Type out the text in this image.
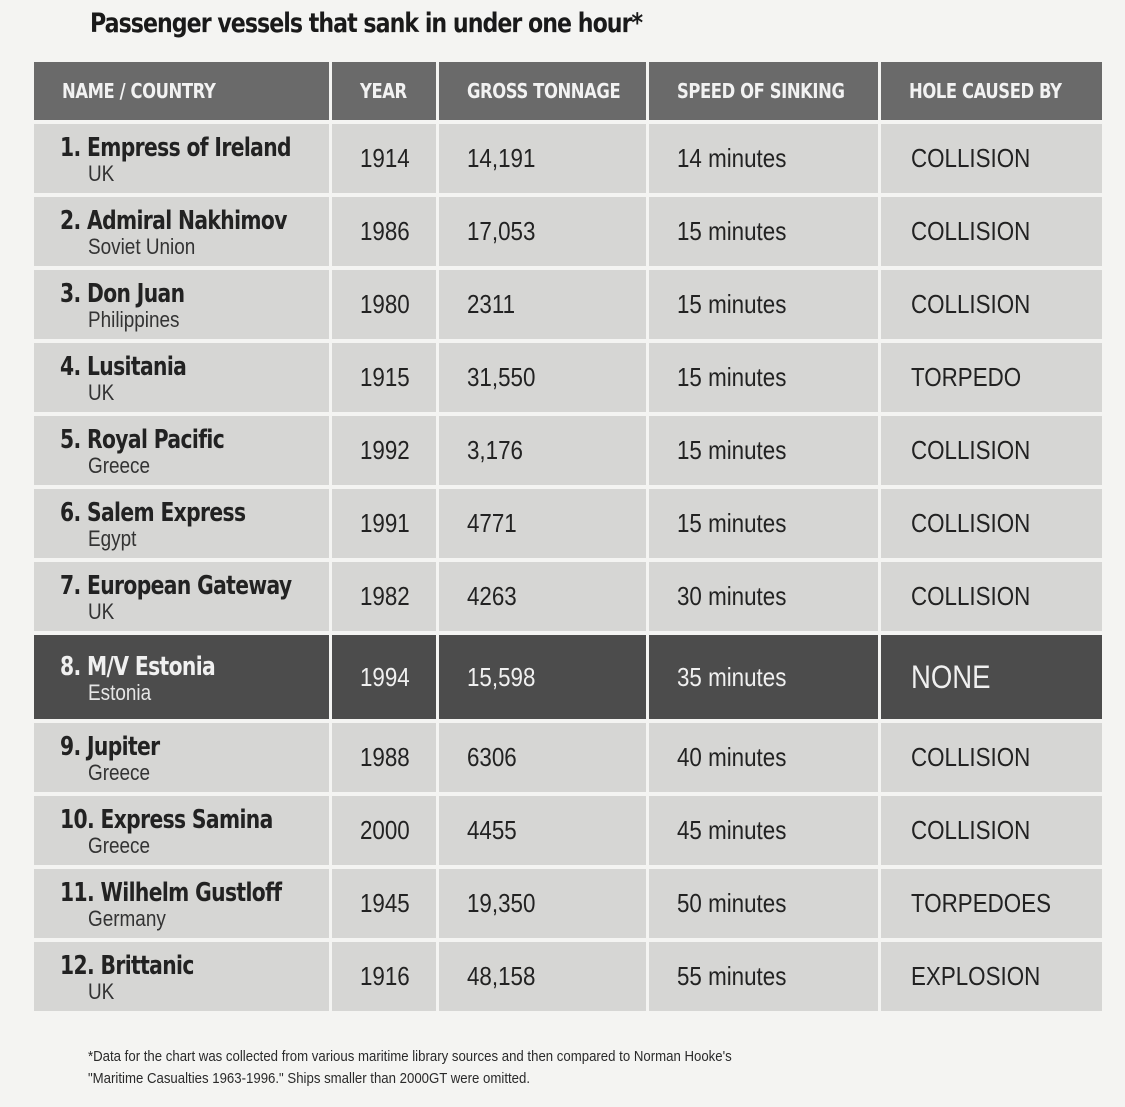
Passenger vessels that sank in under one hour*
NAME / COUNTRY	YEAR	GROSS TONNAGE	SPEED OF SINKING	HOLE CAUSED BY
1. Empress of Ireland
UK	1914	14,191	14 minutes	COLLISION
2. Admiral Nakhimov
Soviet Union	1986	17,053	15 minutes	COLLISION
3. Don Juan
Philippines	1980	2311	15 minutes	COLLISION
4. Lusitania
UK	1915	31,550	15 minutes	TORPEDO
5. Royal Pacific
Greece	1992	3,176	15 minutes	COLLISION
6. Salem Express
Egypt	1991	4771	15 minutes	COLLISION
7. European Gateway
UK	1982	4263	30 minutes	COLLISION
8. M/V Estonia
Estonia	1994	15,598	35 minutes	NONE
9. Jupiter
Greece	1988	6306	40 minutes	COLLISION
10. Express Samina
Greece	2000	4455	45 minutes	COLLISION
11. Wilhelm Gustloff
Germany	1945	19,350	50 minutes	TORPEDOES
12. Brittanic
UK	1916	48,158	55 minutes	EXPLOSION
*Data for the chart was collected from various maritime library sources and then compared to Norman Hooke's
"Maritime Casualties 1963-1996." Ships smaller than 2000GT were omitted.
